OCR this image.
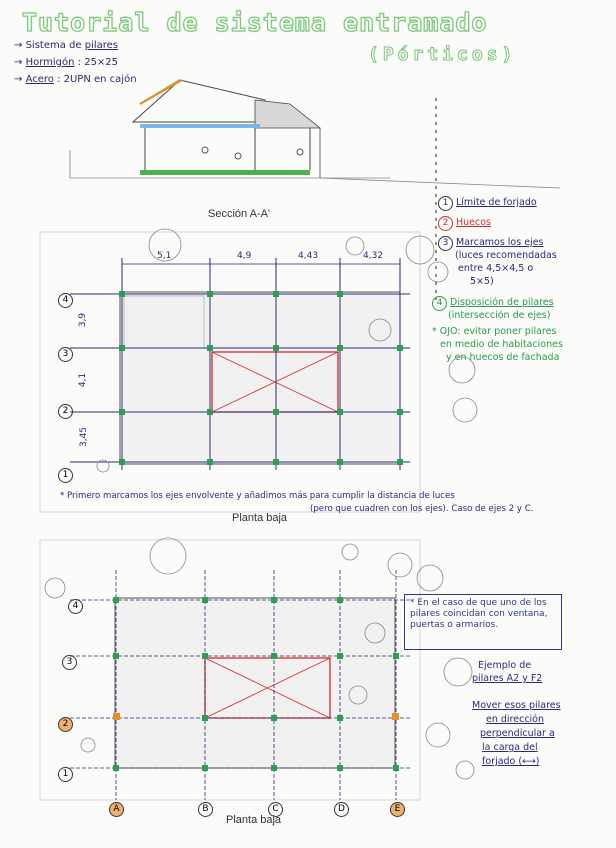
Tutorial de sistema entramado
(Pórticos)
→ Sistema de pilares
→ Hormigón : 25×25
→ Acero : 2UPN en cajón
Sección A-A'
Planta baja
Planta baja
5,1	4,9	4,43	4,32
3,9
4,1
3,45
4
3
2
1
4
3
2
1
A	B	C	D	E
1 Límite de forjado
2 Huecos
3 Marcamos los ejes
(luces recomendadas
entre 4,5×4,5 o
5×5)
4 Disposición de pilares
(intersección de ejes)
* OJO: evitar poner pilares
en medio de habitaciones
y en huecos de fachada
* Primero marcamos los ejes envolvente y añadimos más para cumplir la distancia de luces
(pero que cuadren con los ejes). Caso de ejes 2 y C.
* En el caso de que uno de los pilares coincidan con ventana, puertas o armarios.
Ejemplo de
pilares A2 y F2
Mover esos pilares
en dirección
perpendicular a
la carga del
forjado (⟷)
